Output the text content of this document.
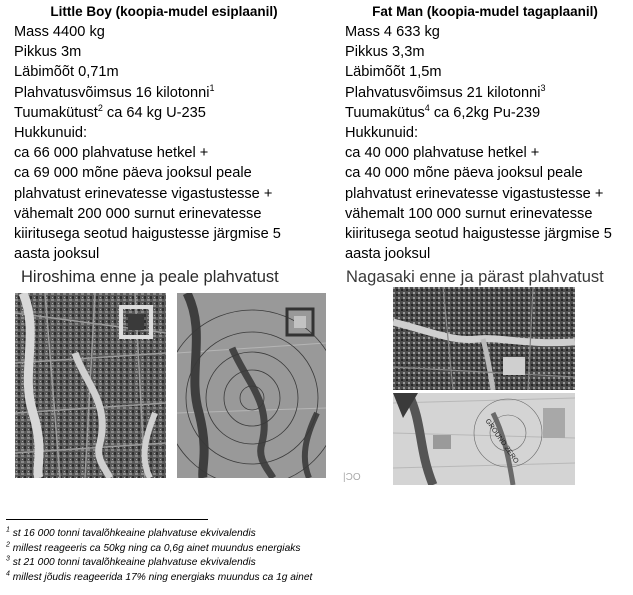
Little Boy (koopia-mudel esiplaanil)
Mass 4400 kg
Pikkus 3m
Läbimõõt 0,71m
Plahvatusvõimsus 16 kilotonni$^1$
Tuumakütust$^2$ ca 64 kg U-235
Hukkunuid:
ca 66 000 plahvatuse hetkel +
ca 69 000 mõne päeva jooksul peale
plahvatust erinevatesse vigastustesse +
vähemalt 200 000 surnut erinevatesse
kiiritusega seotud haigustesse järgmise 5
aasta jooksul
Fat Man (koopia-mudel tagaplaanil)
Mass 4 633 kg
Pikkus 3,3m
Läbimõõt 1,5m
Plahvatusvõimsus 21 kilotonni$^3$
Tuumakütus$^4$ ca 6,2kg Pu-239
Hukkunuid:
ca 40 000 plahvatuse hetkel +
ca 40 000 mõne päeva jooksul peale
plahvatust erinevatesse vigastustesse +
vähemalt 100 000 surnut erinevatesse
kiiritusega seotud haigustesse järgmise 5
aasta jooksul
Hiroshima enne ja peale plahvatust	Nagasaki enne ja pärast plahvatust
GROUND ZERO
|ƆO
$^1$ st 16 000 tonni tavalõhkeaine plahvatuse ekvivalendis
$^2$ millest reageeris ca 50kg ning ca 0,6g ainet muundus energiaks
$^3$ st 21 000 tonni tavalõhkeaine plahvatuse ekvivalendis
$^4$ millest jõudis reageerida 17% ning energiaks muundus ca 1g ainet
